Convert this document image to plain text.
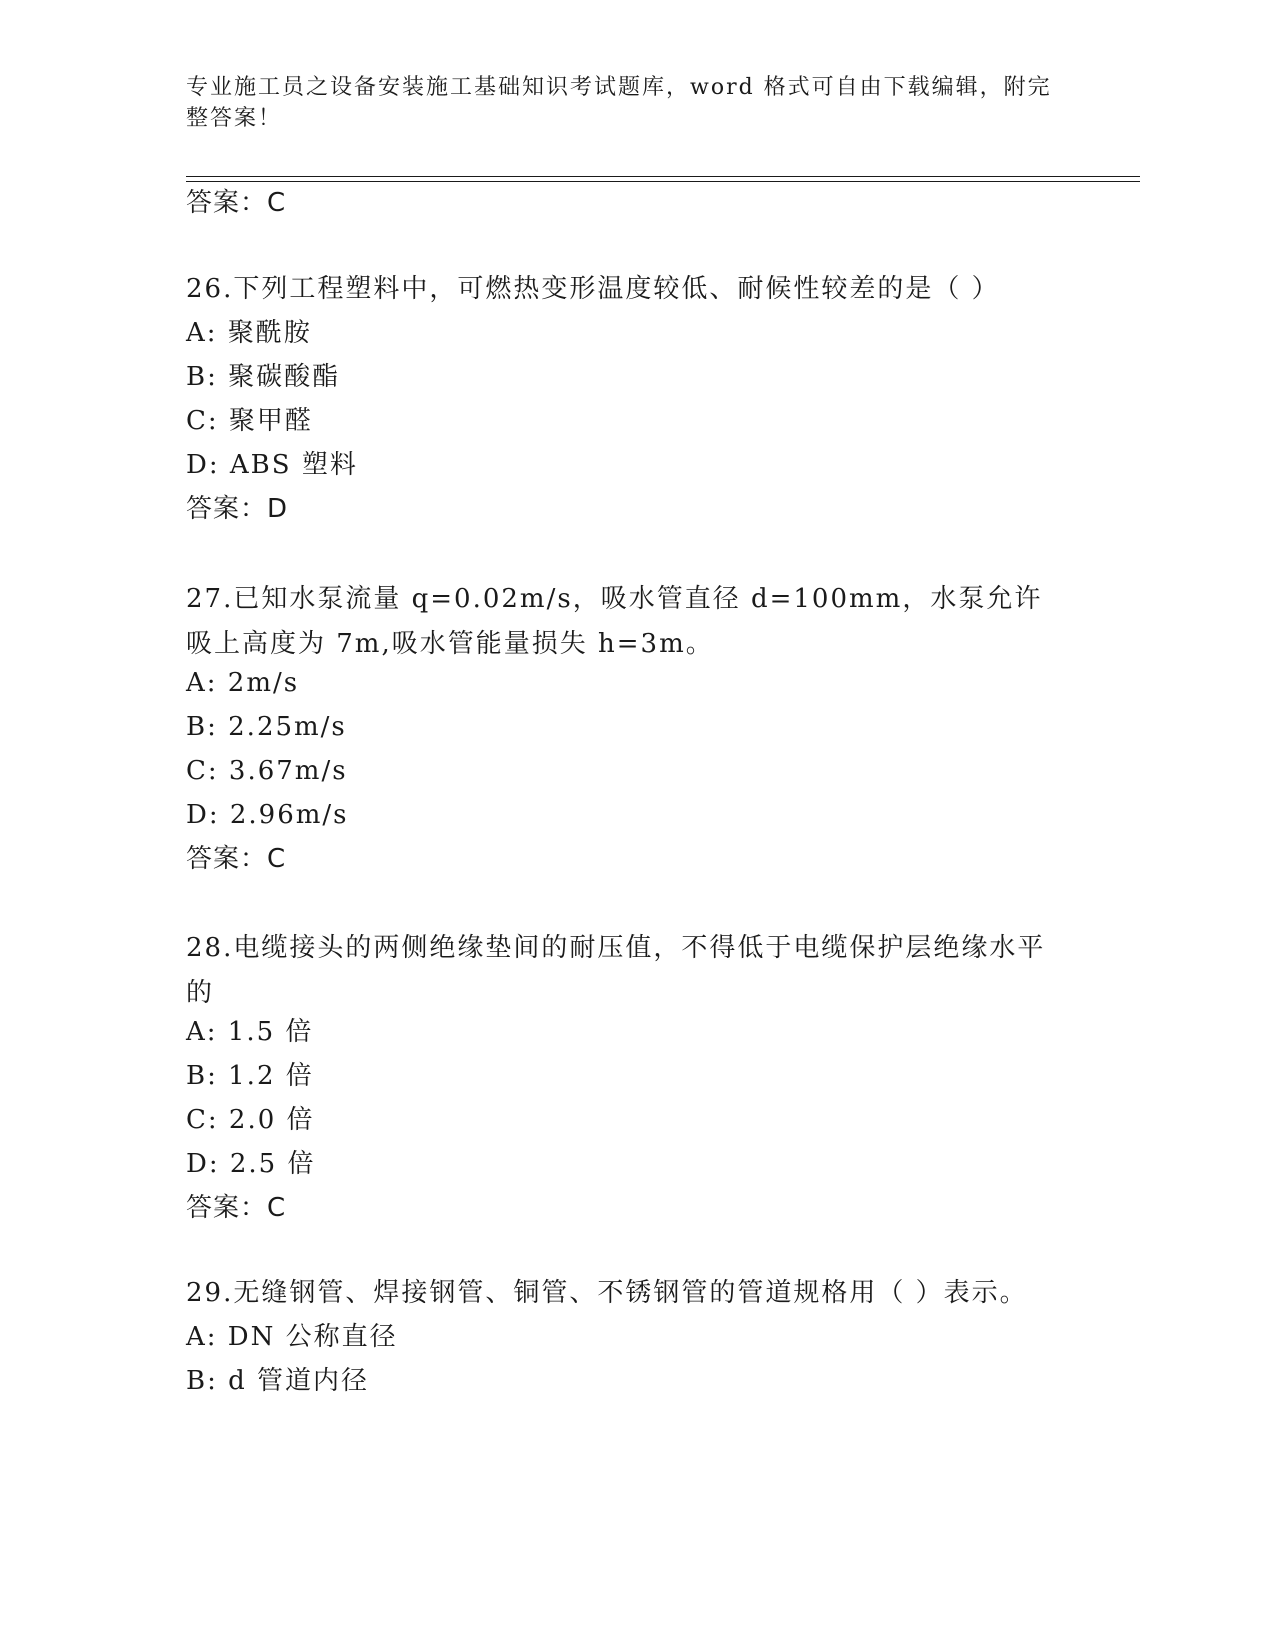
专业施工员之设备安装施工基础知识考试题库，word 格式可自由下载编辑，附完整答案！
答案：C
26.下列工程塑料中，可燃热变形温度较低、耐候性较差的是（ ）
A: 聚酰胺
B: 聚碳酸酯
C: 聚甲醛
D: ABS 塑料
答案：D
27.已知水泵流量 q=0.02m/s，吸水管直径 d=100mm，水泵允许吸上高度为 7m,吸水管能量损失 h=3m。
A: 2m/s
B: 2.25m/s
C: 3.67m/s
D: 2.96m/s
答案：C
28.电缆接头的两侧绝缘垫间的耐压值，不得低于电缆保护层绝缘水平的
A: 1.5 倍
B: 1.2 倍
C: 2.0 倍
D: 2.5 倍
答案：C
29.无缝钢管、焊接钢管、铜管、不锈钢管的管道规格用（ ）表示。
A: DN 公称直径
B: d 管道内径
